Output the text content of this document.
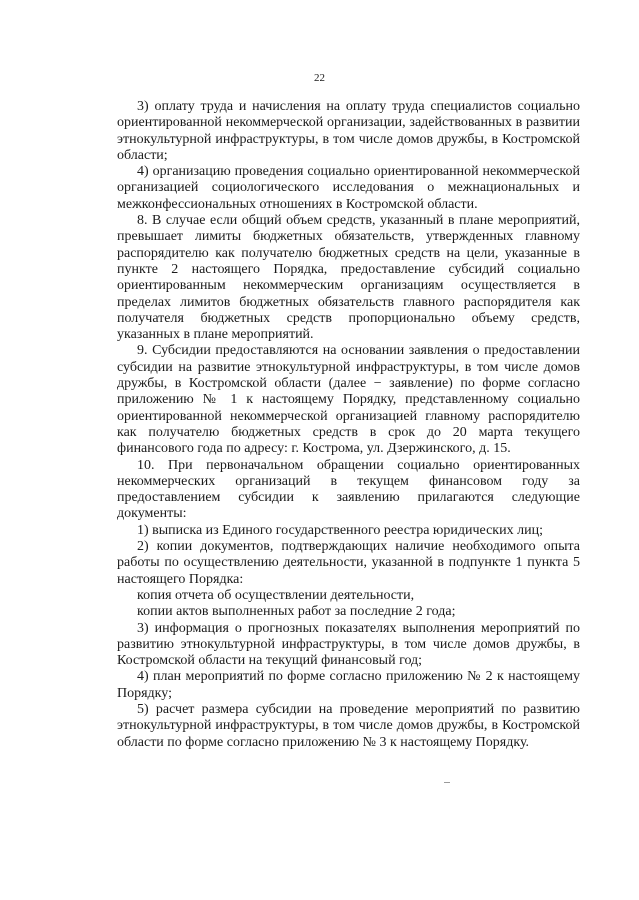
22

3) оплату труда и начисления на оплату труда специалистов социально ориентированной некоммерческой организации, задействованных в развитии этнокультурной инфраструктуры, в том числе домов дружбы, в Костромской области;

4) организацию проведения социально ориентированной некоммерческой организацией социологического исследования о межнациональных и межконфессиональных отношениях в Костромской области.

8. В случае если общий объем средств, указанный в плане мероприятий, превышает лимиты бюджетных обязательств, утвержденных главному распорядителю как получателю бюджетных средств на цели, указанные в пункте 2 настоящего Порядка, предоставление субсидий социально ориентированным некоммерческим организациям осуществляется в пределах лимитов бюджетных обязательств главного распорядителя как получателя бюджетных средств пропорционально объему средств, указанных в плане мероприятий.

9. Субсидии предоставляются на основании заявления о предоставлении субсидии на развитие этнокультурной инфраструктуры, в том числе домов дружбы, в Костромской области (далее − заявление) по форме согласно приложению № 1 к настоящему Порядку, представленному социально ориентированной некоммерческой организацией главному распорядителю как получателю бюджетных средств в срок до 20 марта текущего финансового года по адресу: г. Кострома, ул. Дзержинского, д. 15.

10. При первоначальном обращении социально ориентированных некоммерческих организаций в текущем финансовом году за предоставлением субсидии к заявлению прилагаются следующие документы:

1) выписка из Единого государственного реестра юридических лиц;

2) копии документов, подтверждающих наличие необходимого опыта работы по осуществлению деятельности, указанной в подпункте 1 пункта 5 настоящего Порядка:

копия отчета об осуществлении деятельности,

копии актов выполненных работ за последние 2 года;

3) информация о прогнозных показателях выполнения мероприятий по развитию этнокультурной инфраструктуры, в том числе домов дружбы, в Костромской области на текущий финансовый год;

4) план мероприятий по форме согласно приложению № 2 к настоящему Порядку;

5) расчет размера субсидии на проведение мероприятий по развитию этнокультурной инфраструктуры, в том числе домов дружбы, в Костромской области по форме согласно приложению № 3 к настоящему Порядку.
